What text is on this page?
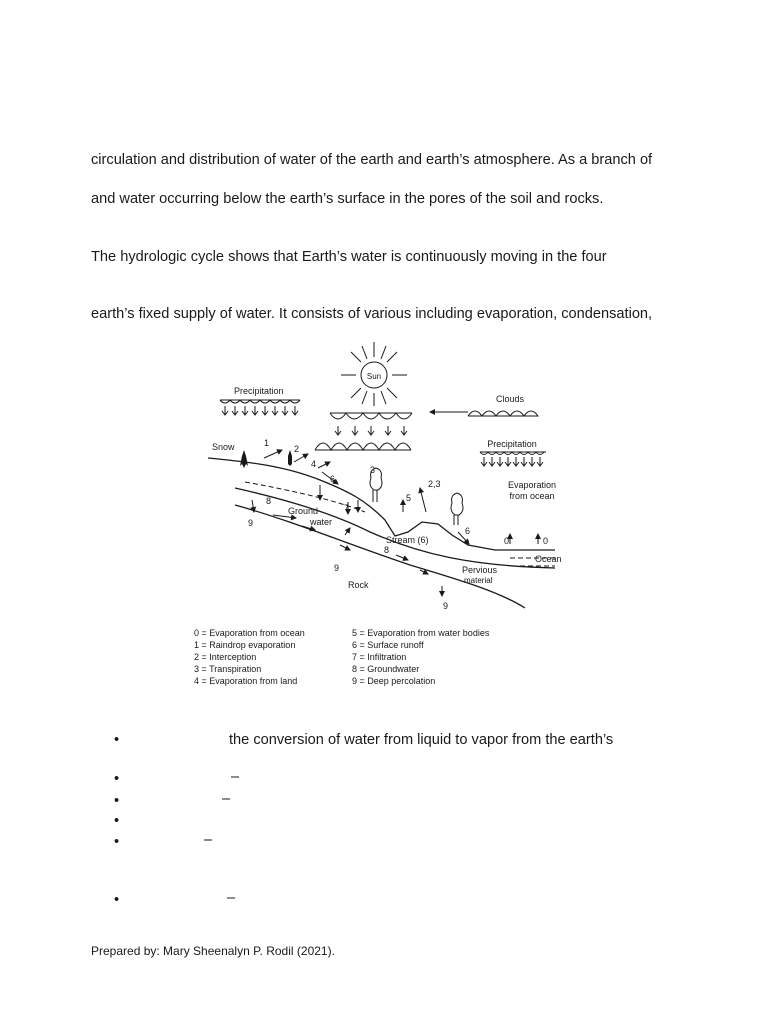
circulation and distribution of water of the earth and earth’s atmosphere. As a branch of
and water occurring below the earth’s surface in the pores of the soil and rocks.
The hydrologic cycle shows that Earth’s water is continuously moving in the four
earth’s fixed supply of water. It consists of various including evaporation, condensation,
Sun
Precipitation
Clouds
Precipitation
Snow	1
2
4
6
3
2,3
5
6
7
8
8
9
9
9
0	0
Ground-
water
Stream (6)
Evaporation
from ocean
Ocean
Pervious
material
Rock
0 = Evaporation from ocean
1 = Raindrop evaporation
2 = Interception
3 = Transpiration
4 = Evaporation from land
5 = Evaporation from water bodies
6 = Surface runoff
7 = Infiltration
8 = Groundwater
9 = Deep percolation
•	the conversion of water from liquid to vapor from the earth’s
•	–
•	–
•
•	–
•	–
Prepared by: Mary Sheenalyn P. Rodil (2021).
